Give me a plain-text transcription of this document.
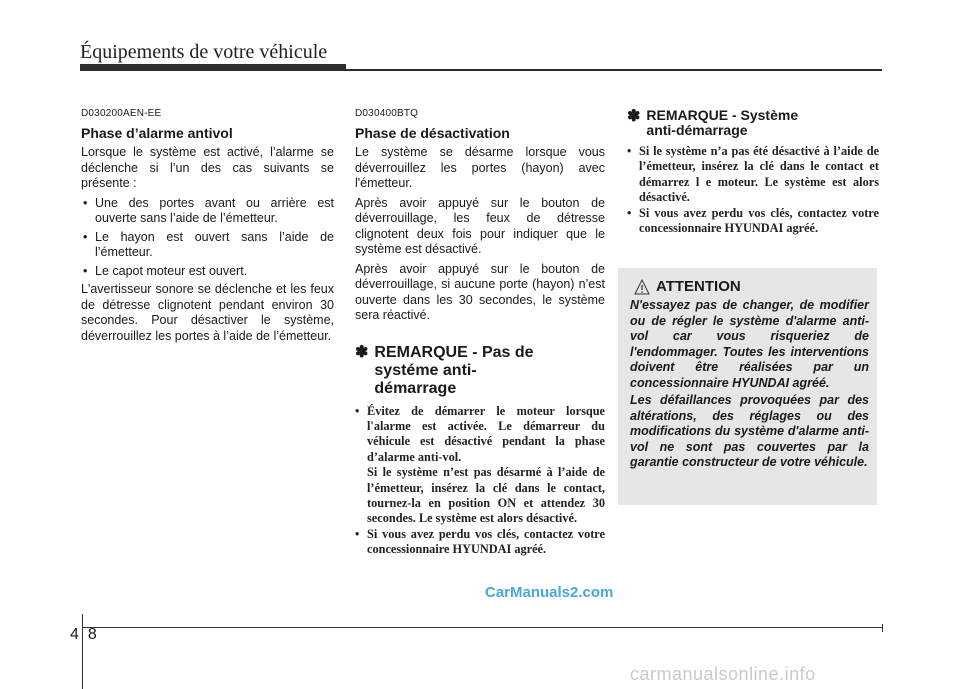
Équipements de votre véhicule
D030200AEN-EE
Phase d’alarme antivol

Lorsque le système est activé, l’alarme se déclenche si l’un des cas suivants se présente :

• Une des portes avant ou arrière est ouverte sans l’aide de l’émetteur.
• Le hayon est ouvert sans l’aide de l’émetteur.
• Le capot moteur est ouvert.

L'avertisseur sonore se déclenche et les feux de détresse clignotent pendant environ 30 secondes. Pour désactiver le système, déverrouillez les portes à l’aide de l’émetteur.

D030400BTQ
Phase de désactivation

Le système se désarme lorsque vous déverrouillez les portes (hayon) avec l'émetteur.

Après avoir appuyé sur le bouton de déverrouillage, les feux de détresse clignotent deux fois pour indiquer que le système est désactivé.

Après avoir appuyé sur le bouton de déverrouillage, si aucune porte (hayon) n’est ouverte dans les 30 secondes, le système sera réactivé.

✽ REMARQUE - Pas de
systéme anti-
démarrage
• Évitez de démarrer le moteur lorsque l'alarme est activée. Le démarreur du véhicule est désactivé pendant la phase d’alarme anti-vol.
Si le système n’est pas désarmé à l’aide de l’émetteur, insérez la clé dans le contact, tournez-la en position ON et attendez 30 secondes. Le système est alors désactivé.
• Si vous avez perdu vos clés, contactez votre concessionnaire HYUNDAI agréé.
✽ REMARQUE - Système
anti-démarrage
• Si le système n’a pas été désactivé à l’aide de l’émetteur, insérez la clé dans le contact et démarrez l e moteur. Le système est alors désactivé.
• Si vous avez perdu vos clés, contactez votre concessionnaire HYUNDAI agréé.
ATTENTION

N'essayez pas de changer, de modifier ou de régler le système d'alarme anti-vol car vous risqueriez de l'endommager. Toutes les interventions doivent être réalisées par un concessionnaire HYUNDAI agréé.

Les défaillances provoquées par des altérations, des réglages ou des modifications du système d'alarme anti-vol ne sont pas couvertes par la garantie constructeur de votre véhicule.

CarManuals2.com
48
carmanualsonline.info
